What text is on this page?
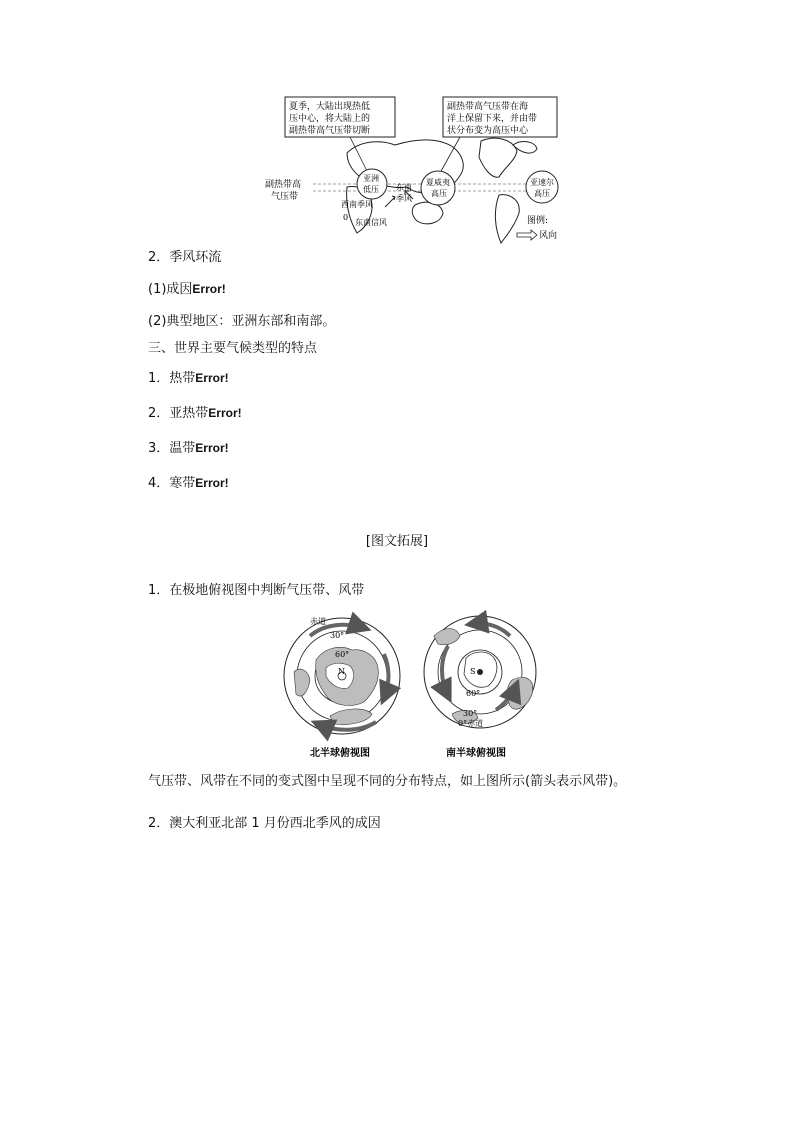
夏季，大陆出现热低
压中心，将大陆上的
副热带高气压带切断
副热带高气压带在海
洋上保留下来，并由带
状分布变为高压中心
亚洲
低压
夏威夷
高压
亚速尔
高压
副热带高
气压带
东南
季风
西南季风
东南信风
0	图例:
风向
2．季风环流
(1)成因Error!
(2)典型地区：亚洲东部和南部。
三、世界主要气候类型的特点
1．热带Error!
2．亚热带Error!
3．温带Error!
4．寒带Error!
[图文拓展]
1．在极地俯视图中判断气压带、风带
赤道
30°
60°
N
北半球俯视图
S
60°
30°
0°赤道
南半球俯视图
气压带、风带在不同的变式图中呈现不同的分布特点，如上图所示(箭头表示风带)。
2．澳大利亚北部 1 月份西北季风的成因
